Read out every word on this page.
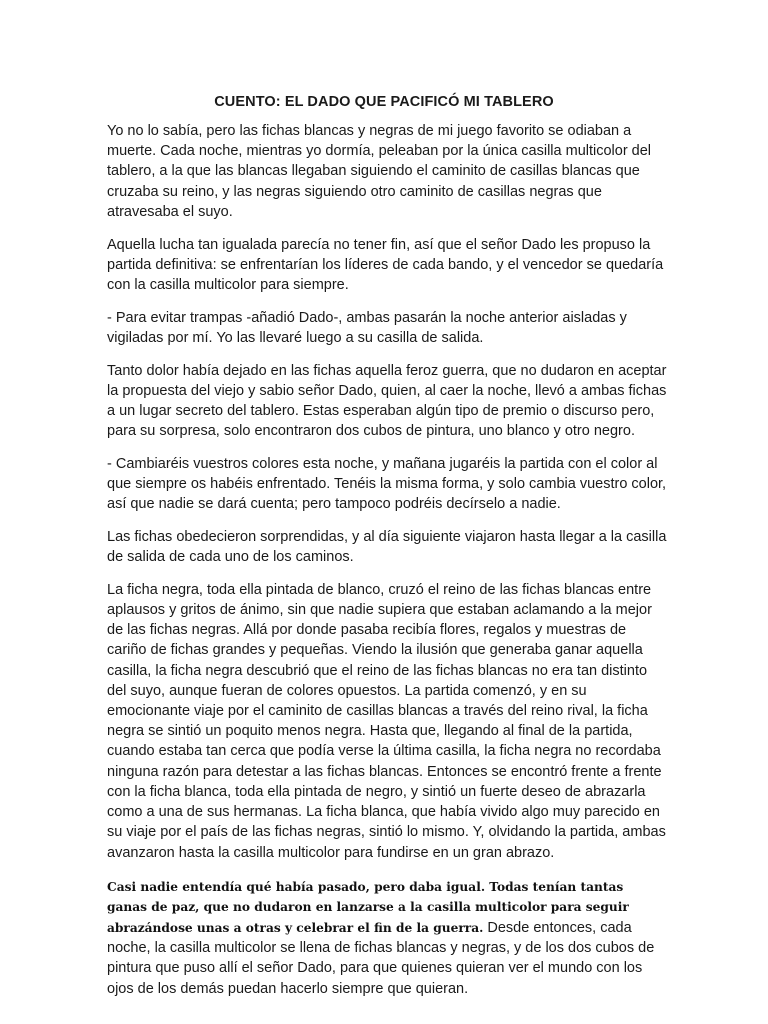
CUENTO: EL DADO QUE PACIFICÓ MI TABLERO

Yo no lo sabía, pero las fichas blancas y negras de mi juego favorito se odiaban a muerte. Cada noche, mientras yo dormía, peleaban por la única casilla multicolor del tablero, a la que las blancas llegaban siguiendo el caminito de casillas blancas que cruzaba su reino, y las negras siguiendo otro caminito de casillas negras que atravesaba el suyo.

Aquella lucha tan igualada parecía no tener fin, así que el señor Dado les propuso la partida definitiva: se enfrentarían los líderes de cada bando, y el vencedor se quedaría con la casilla multicolor para siempre.

- Para evitar trampas -añadió Dado-, ambas pasarán la noche anterior aisladas y vigiladas por mí. Yo las llevaré luego a su casilla de salida.

Tanto dolor había dejado en las fichas aquella feroz guerra, que no dudaron en aceptar la propuesta del viejo y sabio señor Dado, quien, al caer la noche, llevó a ambas fichas a un lugar secreto del tablero. Estas esperaban algún tipo de premio o discurso pero, para su sorpresa, solo encontraron dos cubos de pintura, uno blanco y otro negro.

- Cambiaréis vuestros colores esta noche, y mañana jugaréis la partida con el color al que siempre os habéis enfrentado. Tenéis la misma forma, y solo cambia vuestro color, así que nadie se dará cuenta; pero tampoco podréis decírselo a nadie.

Las fichas obedecieron sorprendidas, y al día siguiente viajaron hasta llegar a la casilla de salida de cada uno de los caminos.

La ficha negra, toda ella pintada de blanco, cruzó el reino de las fichas blancas entre aplausos y gritos de ánimo, sin que nadie supiera que estaban aclamando a la mejor de las fichas negras. Allá por donde pasaba recibía flores, regalos y muestras de cariño de fichas grandes y pequeñas. Viendo la ilusión que generaba ganar aquella casilla, la ficha negra descubrió que el reino de las fichas blancas no era tan distinto del suyo, aunque fueran de colores opuestos. La partida comenzó, y en su emocionante viaje por el caminito de casillas blancas a través del reino rival, la ficha negra se sintió un poquito menos negra. Hasta que, llegando al final de la partida, cuando estaba tan cerca que podía verse la última casilla, la ficha negra no recordaba ninguna razón para detestar a las fichas blancas. Entonces se encontró frente a frente con la ficha blanca, toda ella pintada de negro, y sintió un fuerte deseo de abrazarla como a una de sus hermanas. La ficha blanca, que había vivido algo muy parecido en su viaje por el país de las fichas negras, sintió lo mismo. Y, olvidando la partida, ambas avanzaron hasta la casilla multicolor para fundirse en un gran abrazo.

Casi nadie entendía qué había pasado, pero daba igual. Todas tenían tantas ganas de paz, que no dudaron en lanzarse a la casilla multicolor para seguir abrazándose unas a otras y celebrar el fin de la guerra. Desde entonces, cada noche, la casilla multicolor se llena de fichas blancas y negras, y de los dos cubos de pintura que puso allí el señor Dado, para que quienes quieran ver el mundo con los ojos de los demás puedan hacerlo siempre que quieran.
